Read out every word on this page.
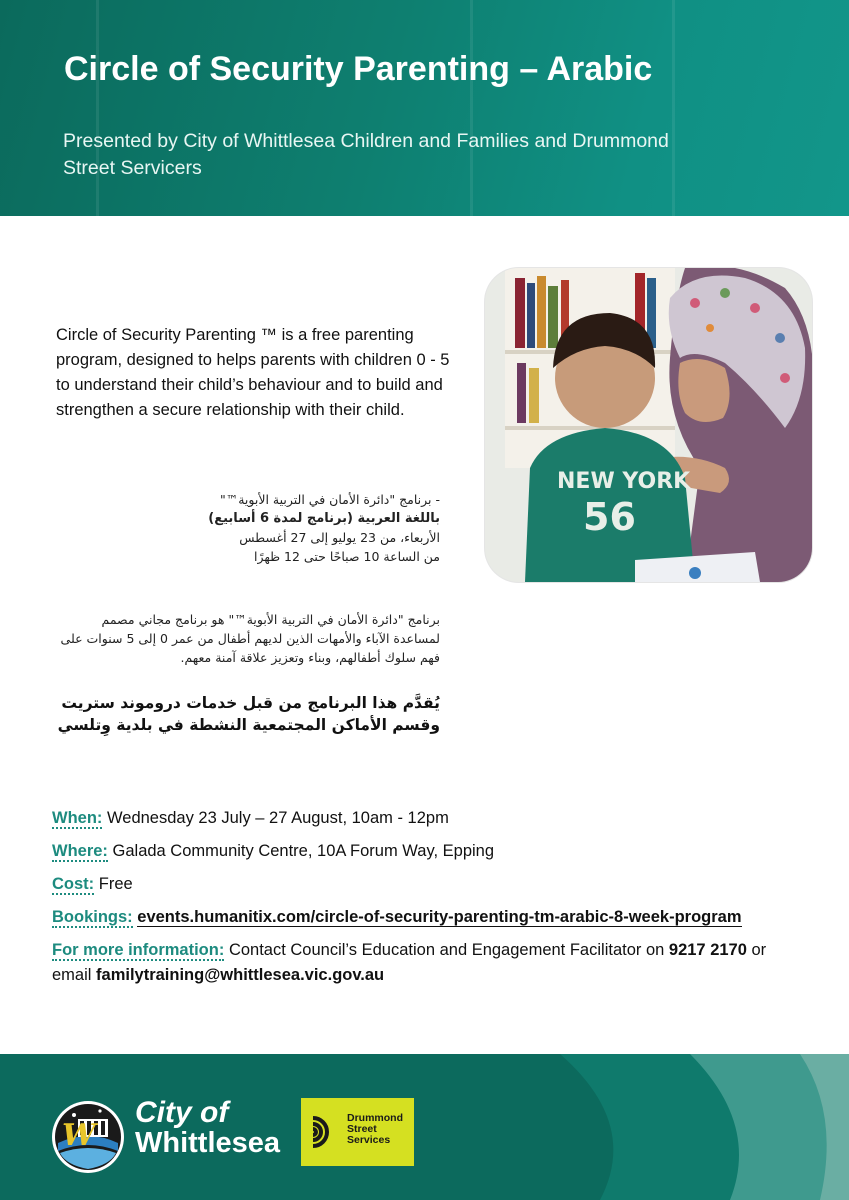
Circle of Security Parenting – Arabic
Presented by City of Whittlesea Children and Families and Drummond Street Servicers
Circle of Security Parenting ™ is a free parenting program, designed to helps parents with children 0 - 5 to understand their child’s behaviour and to build and strengthen a secure relationship with their child.
- برنامج "دائرة الأمان في التربية الأبوية™"
باللغة العربية (برنامج لمدة 6 أسابيع)
الأربعاء، من 23 يوليو إلى 27 أغسطس
من الساعة 10 صباحًا حتى 12 ظهرًا
برنامج "دائرة الأمان في التربية الأبوية™" هو برنامج مجاني مصمم لمساعدة الآباء والأمهات الذين لديهم أطفال من عمر 0 إلى 5 سنوات على فهم سلوك أطفالهم، وبناء وتعزيز علاقة آمنة معهم.
يُقدَّم هذا البرنامج من قبل خدمات دروموند ستريت وقسم الأماكن المجتمعية النشطة في بلدية وِتلسي
NEW YORK
56
When: Wednesday 23 July – 27 August, 10am - 12pm
Where: Galada Community Centre, 10A Forum Way, Epping
Cost: Free
Bookings: events.humanitix.com/circle-of-security-parenting-tm-arabic-8-week-program
For more information: Contact Council’s Education and Engagement Facilitator on 9217 2170 or email familytraining@whittlesea.vic.gov.au
W
City of
Whittlesea
Drummond
Street
Services
